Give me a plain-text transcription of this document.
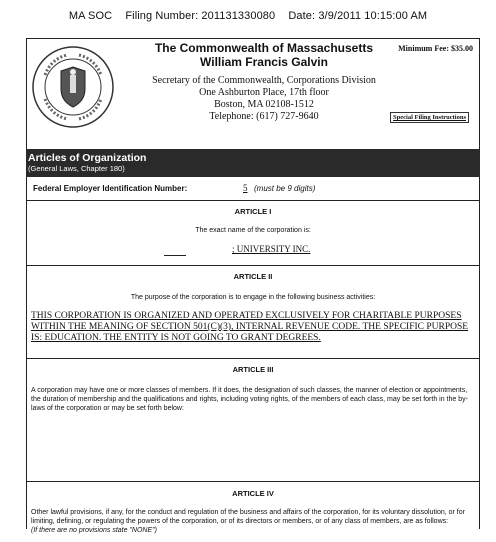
MA SOC Filing Number: 201131330080 Date: 3/9/2011 10:15:00 AM
The Commonwealth of Massachusetts
William Francis Galvin
Secretary of the Commonwealth, Corporations Division
One Ashburton Place, 17th floor
Boston, MA 02108-1512
Telephone: (617) 727-9640
Minimum Fee: $35.00
Special Filing Instructions
Articles of Organization
(General Laws, Chapter 180)
Federal Employer Identification Number:	5 (must be 9 digits)
ARTICLE I
The exact name of the corporation is:
; UNIVERSITY INC.
ARTICLE II
The purpose of the corporation is to engage in the following business activities:
THIS CORPORATION IS ORGANIZED AND OPERATED EXCLUSIVELY FOR CHARITABLE PURPOSES WITHIN THE MEANING OF SECTION 501(C)(3), INTERNAL REVENUE CODE. THE SPECIFIC PURPOSE IS: EDUCATION. THE ENTITY IS NOT GOING TO GRANT DEGREES.
ARTICLE III
A corporation may have one or more classes of members. If it does, the designation of such classes, the manner of election or appointments, the duration of membership and the qualifications and rights, including voting rights, of the members of each class, may be set forth in the by-laws of the corporation or may be set forth below:
ARTICLE IV
Other lawful provisions, if any, for the conduct and regulation of the business and affairs of the corporation, for its voluntary dissolution, or for limiting, defining, or regulating the powers of the corporation, or of its directors or members, or of any class of members, are as follows:
(If there are no provisions state "NONE")
